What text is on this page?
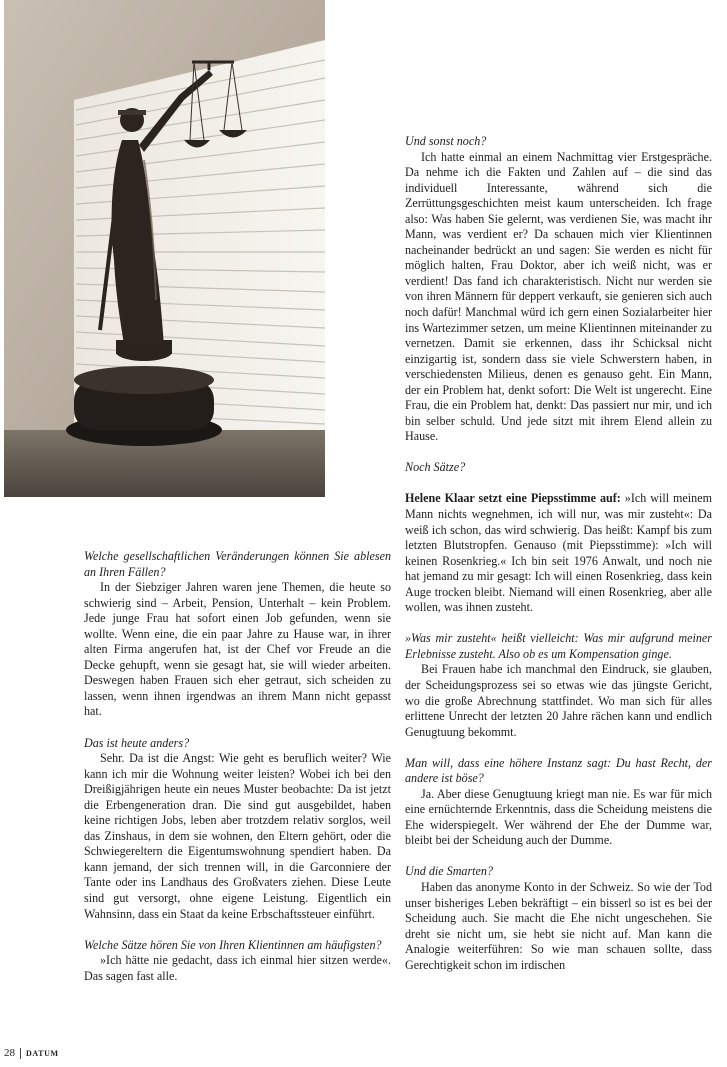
Welche gesellschaftlichen Veränderungen können Sie ablesen an Ihren Fällen?

In der Siebziger Jahren waren jene Themen, die heute so schwierig sind – Arbeit, Pension, Unterhalt – kein Problem. Jede junge Frau hat sofort einen Job gefunden, wenn sie wollte. Wenn eine, die ein paar Jahre zu Hause war, in ihrer alten Firma angerufen hat, ist der Chef vor Freude an die Decke gehupft, wenn sie gesagt hat, sie will wieder arbeiten. Deswegen haben Frauen sich eher getraut, sich scheiden zu lassen, wenn ihnen irgendwas an ihrem Mann nicht gepasst hat.

Das ist heute anders?

Sehr. Da ist die Angst: Wie geht es beruflich weiter? Wie kann ich mir die Wohnung weiter leisten? Wobei ich bei den Dreißigjährigen heute ein neues Muster beobachte: Da ist jetzt die Erbengeneration dran. Die sind gut ausgebildet, haben keine richtigen Jobs, leben aber trotzdem relativ sorglos, weil das Zinshaus, in dem sie wohnen, den Eltern gehört, oder die Schwiegereltern die Eigentumswohnung spendiert haben. Da kann jemand, der sich trennen will, in die Garconniere der Tante oder ins Landhaus des Großvaters ziehen. Diese Leute sind gut versorgt, ohne eigene Leistung. Eigentlich ein Wahnsinn, dass ein Staat da keine Erbschaftssteuer einführt.

Welche Sätze hören Sie von Ihren Klientinnen am häufigsten?

»Ich hätte nie gedacht, dass ich einmal hier sitzen werde«. Das sagen fast alle.

Und sonst noch?

Ich hatte einmal an einem Nachmittag vier Erstgespräche. Da nehme ich die Fakten und Zahlen auf – die sind das individuell Interessante, während sich die Zerrüttungsgeschichten meist kaum unterscheiden. Ich frage also: Was haben Sie gelernt, was verdienen Sie, was macht ihr Mann, was verdient er? Da schauen mich vier Klientinnen nacheinander bedrückt an und sagen: Sie werden es nicht für möglich halten, Frau Doktor, aber ich weiß nicht, was er verdient! Das fand ich charakteristisch. Nicht nur werden sie von ihren Männern für deppert verkauft, sie genieren sich auch noch dafür! Manchmal würd ich gern einen Sozialarbeiter hier ins Wartezimmer setzen, um meine Klientinnen miteinander zu vernetzen. Damit sie erkennen, dass ihr Schicksal nicht einzigartig ist, sondern dass sie viele Schwerstern haben, in verschiedensten Milieus, denen es genauso geht. Ein Mann, der ein Problem hat, denkt sofort: Die Welt ist ungerecht. Eine Frau, die ein Problem hat, denkt: Das passiert nur mir, und ich bin selber schuld. Und jede sitzt mit ihrem Elend allein zu Hause.

Noch Sätze?

Helene Klaar setzt eine Piepsstimme auf: »Ich will meinem Mann nichts wegnehmen, ich will nur, was mir zusteht«: Da weiß ich schon, das wird schwierig. Das heißt: Kampf bis zum letzten Blutstropfen. Genauso (mit Piepsstimme): »Ich will keinen Rosenkrieg.« Ich bin seit 1976 Anwalt, und noch nie hat jemand zu mir gesagt: Ich will einen Rosenkrieg, dass kein Auge trocken bleibt. Niemand will einen Rosenkrieg, aber alle wollen, was ihnen zusteht.

»Was mir zusteht« heißt vielleicht: Was mir aufgrund meiner Erlebnisse zusteht. Also ob es um Kompensation ginge.

Bei Frauen habe ich manchmal den Eindruck, sie glauben, der Scheidungsprozess sei so etwas wie das jüngste Gericht, wo die große Abrechnung stattfindet. Wo man sich für alles erlittene Unrecht der letzten 20 Jahre rächen kann und endlich Genugtuung bekommt.

Man will, dass eine höhere Instanz sagt: Du hast Recht, der andere ist böse?

Ja. Aber diese Genugtuung kriegt man nie. Es war für mich eine ernüchternde Erkenntnis, dass die Scheidung meistens die Ehe widerspiegelt. Wer während der Ehe der Dumme war, bleibt bei der Scheidung auch der Dumme.

Und die Smarten?

Haben das anonyme Konto in der Schweiz. So wie der Tod unser bisheriges Leben bekräftigt – ein bisserl so ist es bei der Scheidung auch. Sie macht die Ehe nicht ungeschehen. Sie dreht sie nicht um, sie hebt sie nicht auf. Man kann die Analogie weiterführen: So wie man schauen sollte, dass Gerechtigkeit schon im irdischen

28 DATUM
